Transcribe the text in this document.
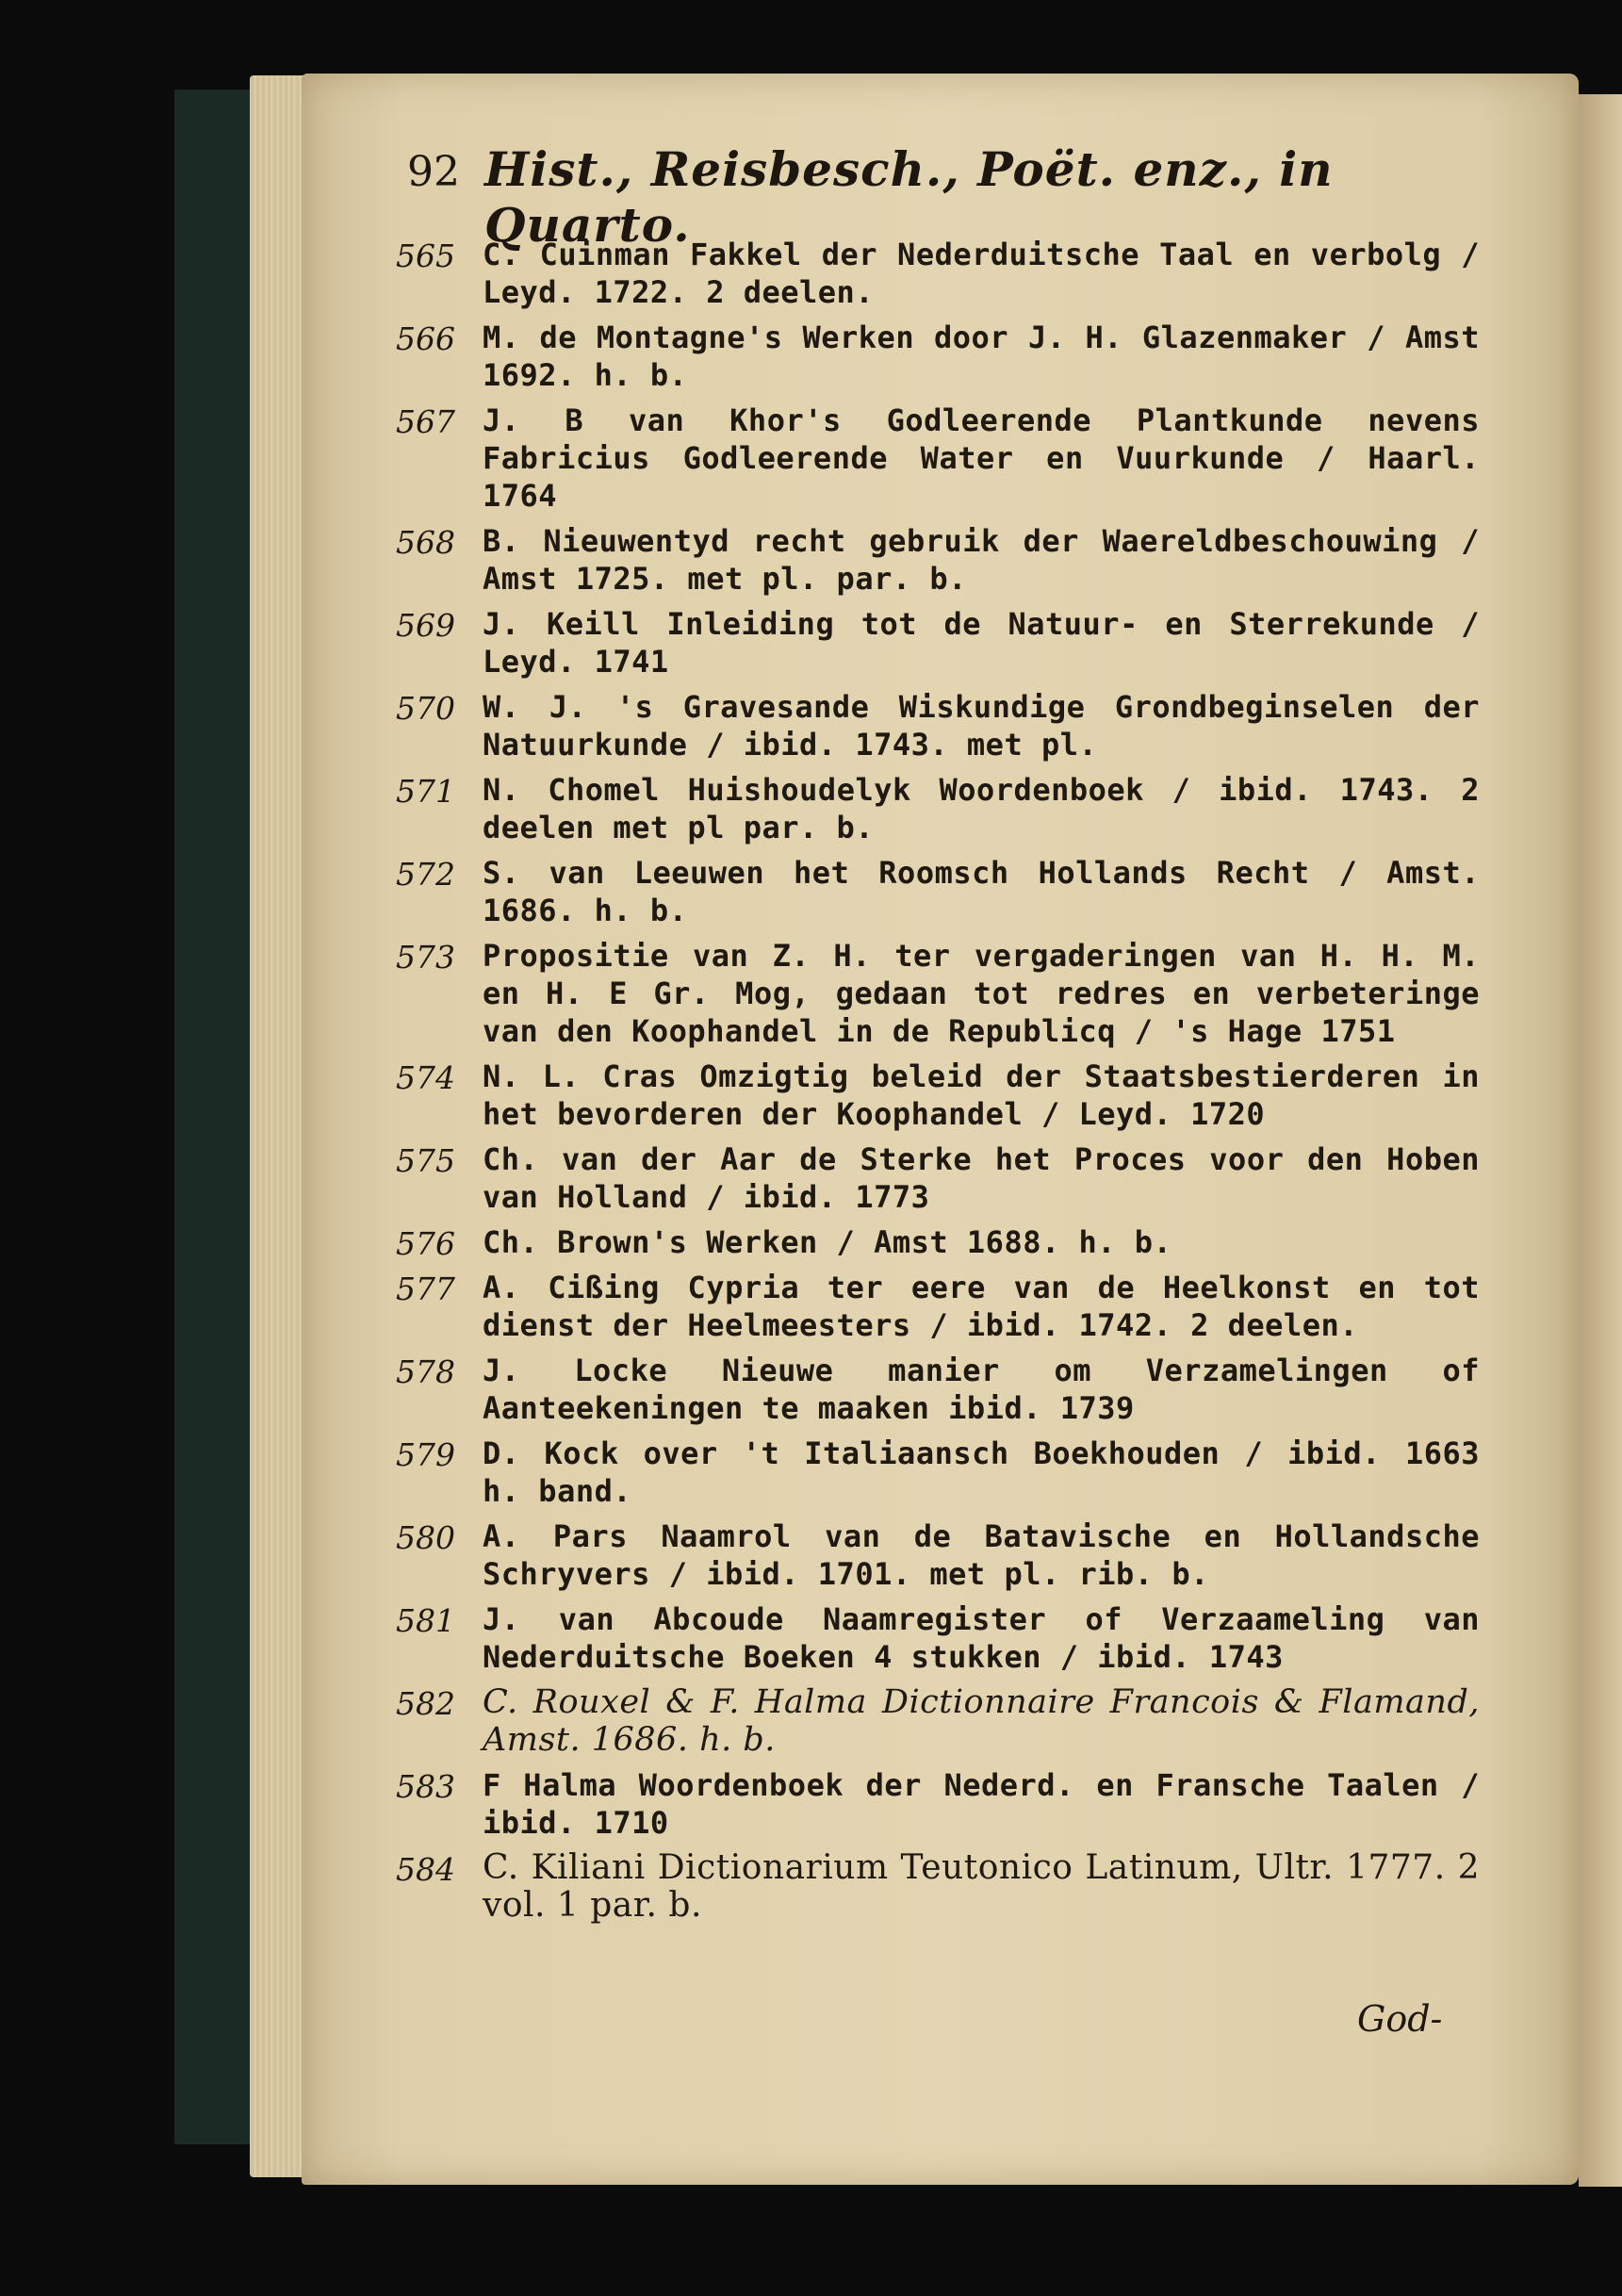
92 Hist., Reisbesch., Poët. enz., in Quarto.
565 C. Cuinman Fakkel der Nederduitsche Taal en verbolg / Leyd. 1722. 2 deelen.
566 M. de Montagne's Werken door J. H. Glazenmaker / Amst 1692. h. b.
567 J. B van Khor's Godleerende Plantkunde nevens Fabricius Godleerende Water en Vuurkunde / Haarl. 1764
568 B. Nieuwentyd recht gebruik der Waereldbeschouwing / Amst 1725. met pl. par. b.
569 J. Keill Inleiding tot de Natuur- en Sterrekunde / Leyd. 1741
570 W. J. 's Gravesande Wiskundige Grondbeginselen der Natuurkunde / ibid. 1743. met pl.
571 N. Chomel Huishoudelyk Woordenboek / ibid. 1743. 2 deelen met pl par. b.
572 S. van Leeuwen het Roomsch Hollands Recht / Amst. 1686. h. b.
573 Propositie van Z. H. ter vergaderingen van H. H. M. en H. E Gr. Mog, gedaan tot redres en verbeteringe van den Koophandel in de Republicq / 's Hage 1751
574 N. L. Cras Omzigtig beleid der Staatsbestierderen in het bevorderen der Koophandel / Leyd. 1720
575 Ch. van der Aar de Sterke het Proces voor den Hoben van Holland / ibid. 1773
576 Ch. Brown's Werken / Amst 1688. h. b.
577 A. Cißing Cypria ter eere van de Heelkonst en tot dienst der Heelmeesters / ibid. 1742. 2 deelen.
578 J. Locke Nieuwe manier om Verzamelingen of Aanteekeningen te maaken ibid. 1739
579 D. Kock over 't Italiaansch Boekhouden / ibid. 1663 h. band.
580 A. Pars Naamrol van de Batavische en Hollandsche Schryvers / ibid. 1701. met pl. rib. b.
581 J. van Abcoude Naamregister of Verzaameling van Nederduitsche Boeken 4 stukken / ibid. 1743
582 C. Rouxel & F. Halma Dictionnaire Francois & Flamand, Amst. 1686. h. b.
583 F Halma Woordenboek der Nederd. en Fransche Taalen / ibid. 1710
584 C. Kiliani Dictionarium Teutonico Latinum, Ultr. 1777. 2 vol. 1 par. b.
God-
